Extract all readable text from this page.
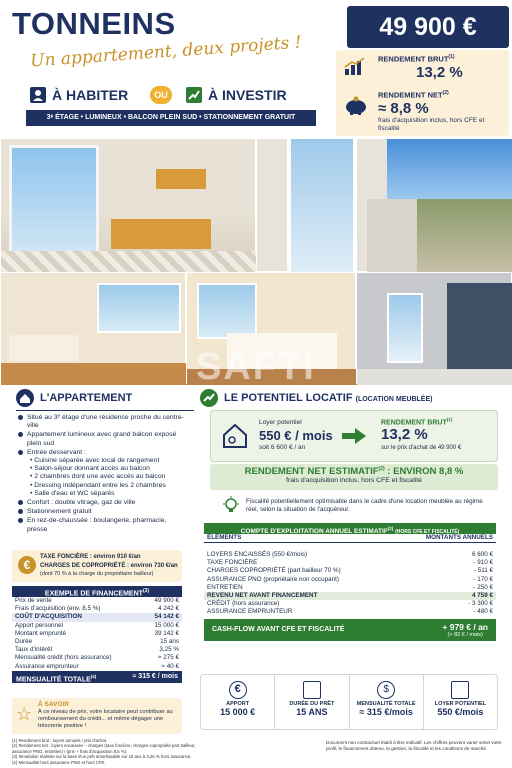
TONNEINS
Un appartement, deux projets !
49 900 €
RENDEMENT BRUT$^{(1)}$
13,2 %
RENDEMENT $NET^{(2)}$
≈ 8,8 %
frais d'acquisition inclus, hors CFE et fiscalité
À HABITER	OU	À INVESTIR
3ᵉ ÉTAGE • LUMINEUX • BALCON PLEIN SUD • STATIONNEMENT GRATUIT
SAFTI
L'APPARTEMENT
Situé au 3ᵉ étage d'une résidence proche du centre-ville
Appartement lumineux avec grand balcon exposé plein sud
Entrée desservant :
• Cuisine séparée avec local de rangement
• Salon-séjour donnant accès au balcon
• 2 chambres dont une avec accès au balcon
• Dressing indépendant entre les 2 chambres
• Salle d'eau et WC séparés
Confort : double vitrage, gaz de ville
Stationnement gratuit
En rez-de-chaussée : boulangerie, pharmacie, presse
€
TAXE FONCIÈRE : environ 910 €/an
CHARGES DE COPROPRIÉTÉ : environ 730 €/an
(dont 70 % à la charge du propriétaire bailleur)
EXEMPLE DE FINANCEMENT$^{(3)}$
Prix de vente	49 900 €
Frais d'acquisition (env. 8,5 %)	4 242 €
COÛT D'ACQUISITION	54 142 €
Apport personnel	15 000 €
Montant emprunté	39 142 €
Durée	15 ans
Taux d'intérêt	3,25 %
Mensualité crédit (hors assurance)	≈ 275 €
Assurance emprunteur	≈ 40 €
MENSUALITÉ $TOTALE^{(4)}$	≈ 315 € / mois
☆ À SAVOIR
À ce niveau de prix, votre locataire peut contribuer au remboursement du crédit... et même dégager une trésorerie positive !
(1) Rendement brut : loyers annuels / prix d'achat.
(2) Rendement net : loyers encaissés – charges (taxe foncière, charges copropriété part bailleur, assurance PNO, entretien) / (prix + frais d'acquisition 8,5 %).
(3) Simulation réalisée sur la base d'un prêt amortissable sur 15 ans à 3,25 % hors assurance.
(4) Mensualité hors assurance PNO et hors CFE.
LE POTENTIEL LOCATIF (LOCATION MEUBLÉE)
Loyer potentiel
550 € / mois
soit 6 600 € / an
RENDEMENT BRUT$^{(1)}$
13,2 %
sur le prix d'achat de 49 900 €
RENDEMENT NET ESTIMATIF$^{(2)}$ : ENVIRON 8,8 %
frais d'acquisition inclus, hors CFE et fiscalité
Fiscalité potentiellement optimisable dans le cadre d'une location meublée au régime réel, selon la situation de l'acquéreur.
COMPTE D'EXPLOITATION ANNUEL ESTIMATIF$^{(2)}$ (HORS CFE ET FISCALITÉ)
ÉLÉMENTS	MONTANTS ANNUELS

LOYERS ENCAISSÉS (550 €/mois)	6 600 €
TAXE FONCIÈRE	- 910 €
CHARGES COPROPRIÉTÉ (part bailleur 70 %)	- 511 €
ASSURANCE PNO (propriétaire non occupant)	- 170 €
ENTRETIEN	- 250 €
REVENU NET AVANT FINANCEMENT	4 759 €
CRÉDIT (hors assurance)	- 3 300 €
ASSURANCE EMPRUNTEUR	- 480 €
CASH-FLOW AVANT CFE ET FISCALITÉ	+ 979 € / an
(+ 82 € / mois)
€
APPORT
15 000 €
DURÉE DU PRÊT
15 ANS
$
MENSUALITÉ TOTALE
≈ 315 €/mois
LOYER POTENTIEL
550 €/mois
Document non contractuel établi à titre indicatif. Les chiffres peuvent varier selon votre profil, le financement obtenu, la gestion, la fiscalité et les conditions de marché.
